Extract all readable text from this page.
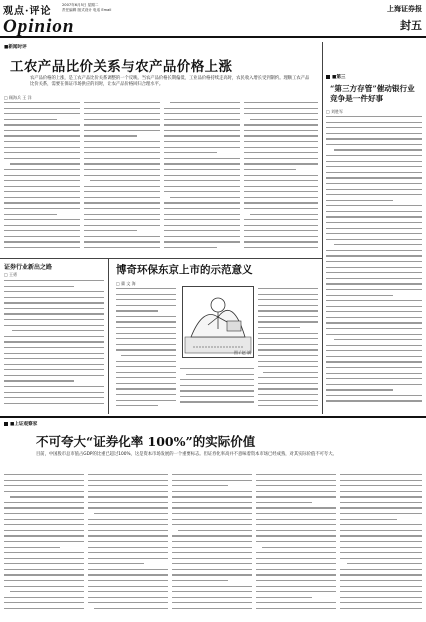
观点·评论
Opinion
2007年6月5日 星期二
责任编辑 版式设计 电话 Email	上海证券报
封五
■新闻时评
工农产品比价关系与农产品价格上涨
农产品价格的上涨，是工农产品比价关系调整的一个反映。当农产品价格长期偏低、工业品价格持续走高时，农民收入增长受到制约。理顺工农产品比价关系，需要在保证市场供应的同时，让农产品价格回归合理水平。
□ 顾海兵 王 洋
■第三
“第三方存管”催动银行业竞争是一件好事
□ 刘胜军
证券行业新出之路
□ 王勇	博奇环保东京上市的示范意义
□ 冀 文 海
图 / 赵 斌
■上证观察家
不可夸大“证券化率 100%”的实际价值
目前，中国股市总市值占GDP的比重已超过100%，这是资本市场发展的一个重要标志。但证券化率高并不意味着资本市场已经成熟，对其实际价值不可夸大。
